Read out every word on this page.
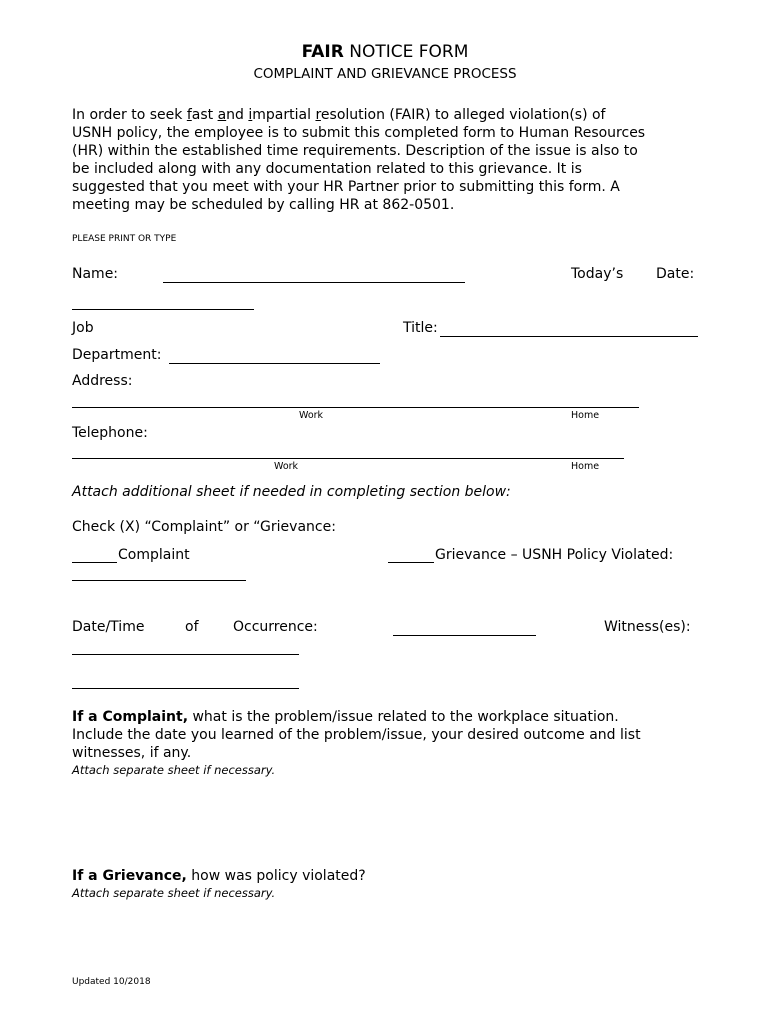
FAIR NOTICE FORM
COMPLAINT AND GRIEVANCE PROCESS
In order to seek fast and impartial resolution (FAIR) to alleged violation(s) of
USNH policy, the employee is to submit this completed form to Human Resources
(HR) within the established time requirements. Description of the issue is also to
be included along with any documentation related to this grievance. It is
suggested that you meet with your HR Partner prior to submitting this form. A
meeting may be scheduled by calling HR at 862-0501.
PLEASE PRINT OR TYPE
Name:	Today’s Date:
Job	Title:
Department:
Address:
Work	Home
Telephone:
Work	Home
Attach additional sheet if needed in completing section below:
Check (X) “Complaint” or “Grievance:
Complaint	Grievance – USNH Policy Violated:
Date/Time	of Occurrence:	Witness(es):
If a Complaint, what is the problem/issue related to the workplace situation.
Include the date you learned of the problem/issue, your desired outcome and list
witnesses, if any.
Attach separate sheet if necessary.
If a Grievance, how was policy violated?
Attach separate sheet if necessary.
Updated 10/2018
